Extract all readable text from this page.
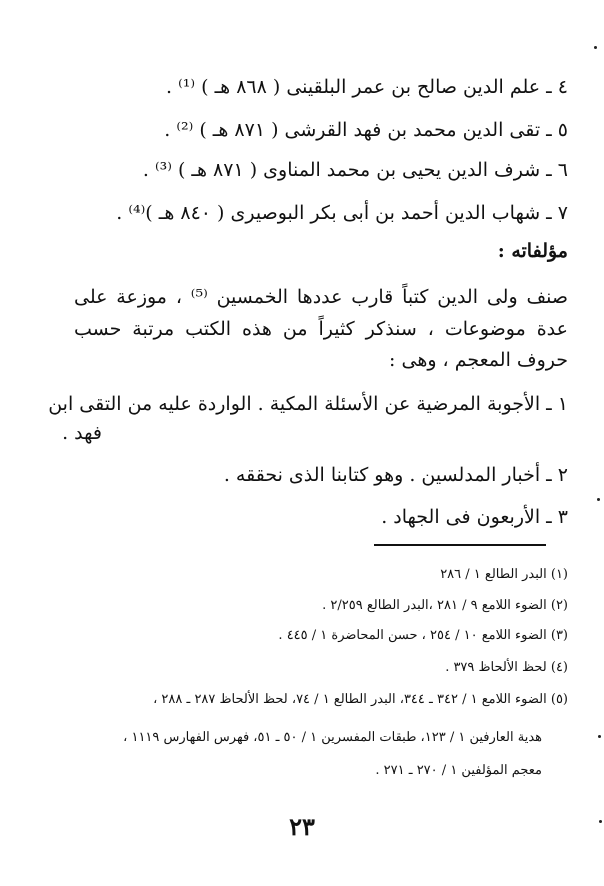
٤ ـ علم الدين صالح بن عمر البلقينى ( ٨٦٨ هـ ) ⁽¹⁾ .
٥ ـ تقى الدين محمد بن فهد القرشى ( ٨٧١ هـ ) ⁽²⁾ .
٦ ـ شرف الدين يحيى بن محمد المناوى ( ٨٧١ هـ ) ⁽³⁾ .
٧ ـ شهاب الدين أحمد بن أبى بكر البوصيرى ( ٨٤٠ هـ )⁽⁴⁾ .
مؤلفاته :
صنف ولى الدين كتباً قارب عددها الخمسين ⁽⁵⁾ ، موزعة على
عدة موضوعات ، سنذكر كثيراً من هذه الكتب مرتبة حسب
حروف المعجم ، وهى :
١ ـ الأجوبة المرضية عن الأسئلة المكية . الواردة عليه من التقى ابن
فهد .
٢ ـ أخبار المدلسين . وهو كتابنا الذى نحققه .
٣ ـ الأربعون فى الجهاد .
(١) البدر الطالع ١ / ٢٨٦
(٢) الضوء اللامع ٩ / ٢٨١ ،البدر الطالع ٢/٢٥٩ .
(٣) الضوء اللامع ١٠ / ٢٥٤ ، حسن المحاضرة ١ / ٤٤٥ .
(٤) لحظ الألحاظ ٣٧٩ .
(٥) الضوء اللامع ١ / ٣٤٢ ـ ٣٤٤، البدر الطالع ١ / ٧٤، لحظ الألحاظ ٢٨٧ ـ ٢٨٨ ،
هدية العارفين ١ / ١٢٣، طبقات المفسرين ١ / ٥٠ ـ ٥١، فهرس الفهارس ١١١٩ ،
معجم المؤلفين ١ / ٢٧٠ ـ ٢٧١ .
٢٣
